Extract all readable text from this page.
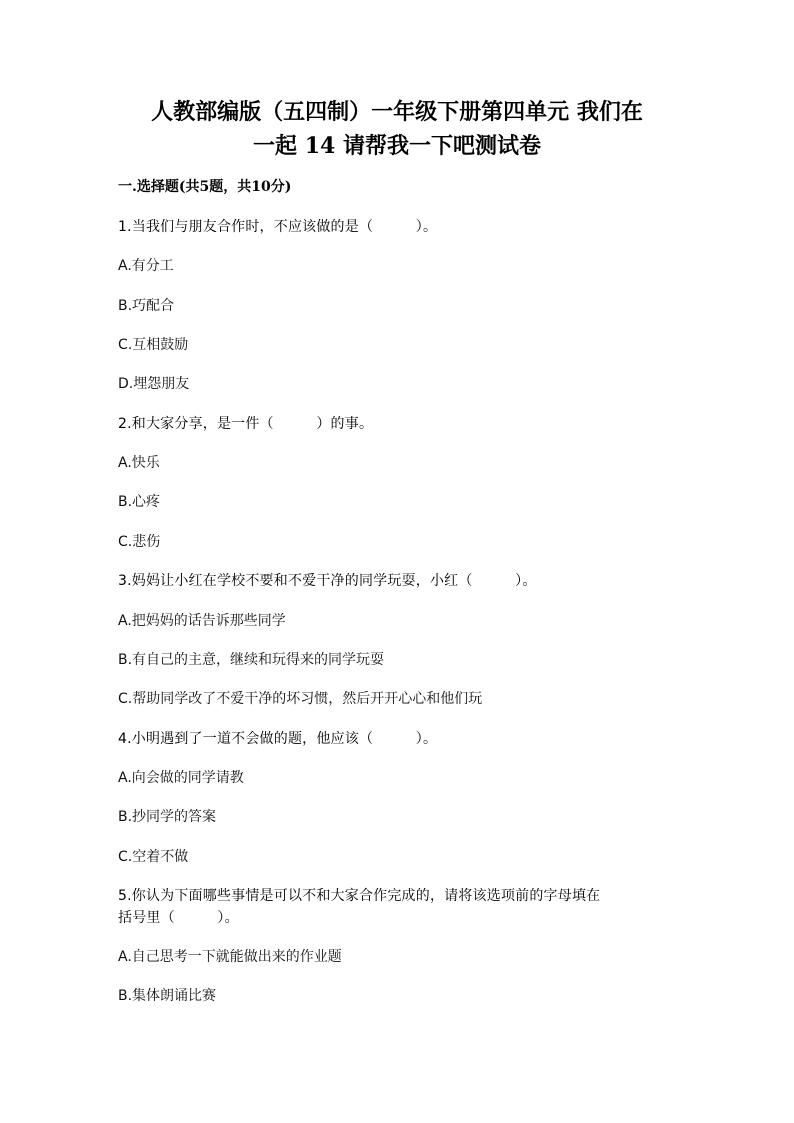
人教部编版（五四制）一年级下册第四单元 我们在
一起 14 请帮我一下吧测试卷
一.选择题(共5题，共10分)
1.当我们与朋友合作时，不应该做的是（　　　）。
A.有分工
B.巧配合
C.互相鼓励
D.埋怨朋友
2.和大家分享，是一件（　　　）的事。
A.快乐
B.心疼
C.悲伤
3.妈妈让小红在学校不要和不爱干净的同学玩耍，小红（　　　）。
A.把妈妈的话告诉那些同学
B.有自己的主意，继续和玩得来的同学玩耍
C.帮助同学改了不爱干净的坏习惯，然后开开心心和他们玩
4.小明遇到了一道不会做的题，他应该（　　　）。
A.向会做的同学请教
B.抄同学的答案
C.空着不做
5.你认为下面哪些事情是可以不和大家合作完成的，请将该选项前的字母填在
括号里（　　　）。
A.自己思考一下就能做出来的作业题
B.集体朗诵比赛
